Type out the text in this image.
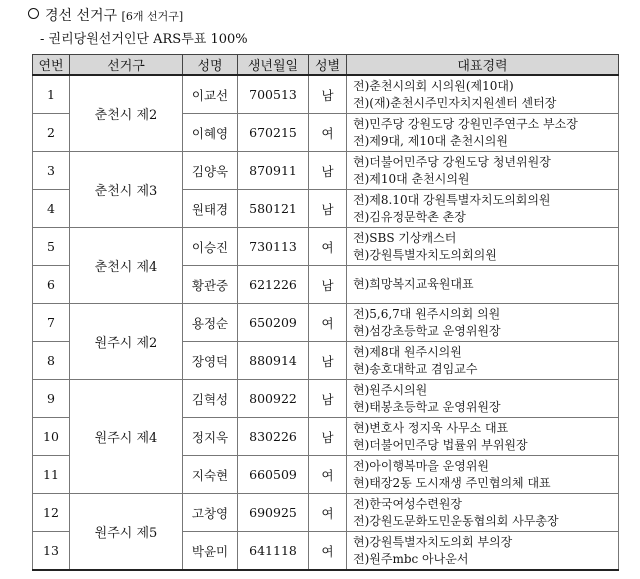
경선 선거구 [6개 선거구]
- 권리당원선거인단 ARS투표 100%
연번	선거구	성명	생년월일	성별	대표경력
1	춘천시 제2	이교선	700513	남	전)춘천시의회 시의원(제10대)
전)(재)춘천시주민자치지원센터 센터장

2		이혜영	670215	여	현)민주당 강원도당 강원민주연구소 부소장
전)제9대, 제10대 춘천시의원

3	춘천시 제3	김양욱	870911	남	현)더불어민주당 강원도당 청년위원장
전)제10대 춘천시의원

4		원태경	580121	남	전)제8.10대 강원특별자치도의회의원
전)김유정문학촌 촌장

5	춘천시 제4	이승진	730113	여	전)SBS 기상캐스터
현)강원특별자치도의회의원

6		황관중	621226	남	현)희망복지교육원대표

7	원주시 제2	용정순	650209	여	전)5,6,7대 원주시의회 의원
현)섬강초등학교 운영위원장

8		장영덕	880914	남	현)제8대 원주시의원
현)송호대학교 겸임교수

9	원주시 제4	김혁성	800922	남	현)원주시의원
현)태봉초등학교 운영위원장

10		정지욱	830226	남	현)변호사 정지욱 사무소 대표
현)더불어민주당 법률위 부위원장

11		지숙현	660509	여	전)아이행복마을 운영위원
현)태장2동 도시재생 주민협의체 대표

12	원주시 제5	고창영	690925	여	전)한국여성수련원장
전)강원도문화도민운동협의회 사무총장

13		박윤미	641118	여	현)강원특별자치도의회 부의장
전)원주mbc 아나운서
